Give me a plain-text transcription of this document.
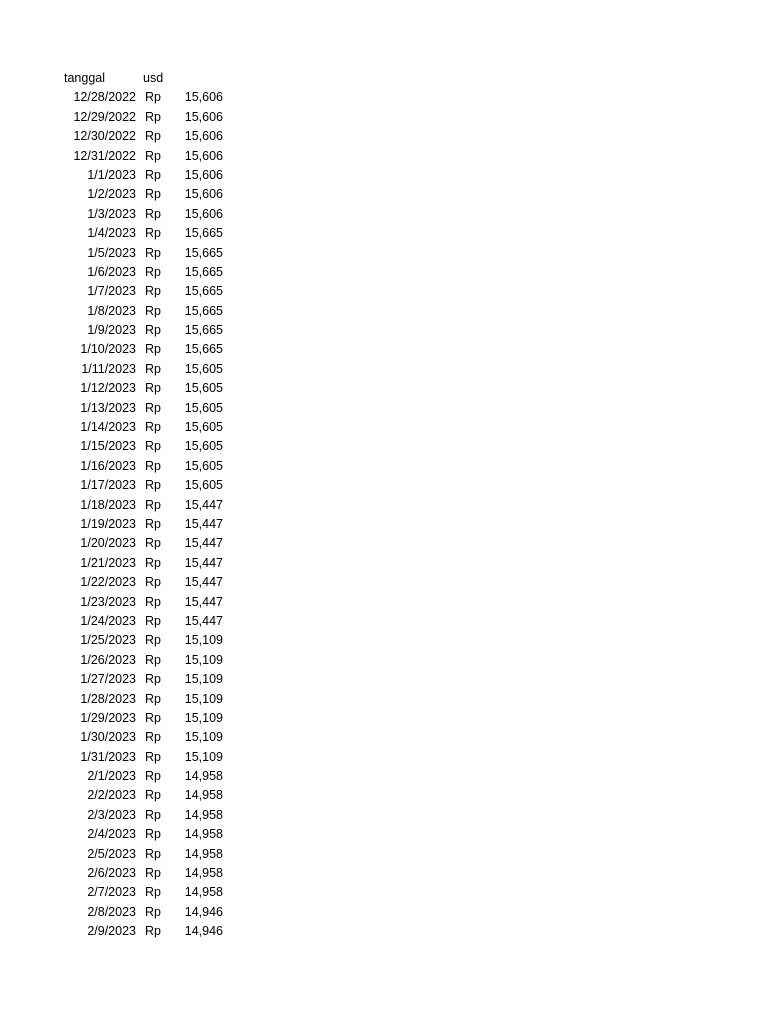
tanggal	usd
12/28/2022 Rp 15,606
12/29/2022 Rp 15,606
12/30/2022 Rp 15,606
12/31/2022 Rp 15,606
1/1/2023 Rp 15,606
1/2/2023 Rp 15,606
1/3/2023 Rp 15,606
1/4/2023 Rp 15,665
1/5/2023 Rp 15,665
1/6/2023 Rp 15,665
1/7/2023 Rp 15,665
1/8/2023 Rp 15,665
1/9/2023 Rp 15,665
1/10/2023 Rp 15,665
1/11/2023 Rp 15,605
1/12/2023 Rp 15,605
1/13/2023 Rp 15,605
1/14/2023 Rp 15,605
1/15/2023 Rp 15,605
1/16/2023 Rp 15,605
1/17/2023 Rp 15,605
1/18/2023 Rp 15,447
1/19/2023 Rp 15,447
1/20/2023 Rp 15,447
1/21/2023 Rp 15,447
1/22/2023 Rp 15,447
1/23/2023 Rp 15,447
1/24/2023 Rp 15,447
1/25/2023 Rp 15,109
1/26/2023 Rp 15,109
1/27/2023 Rp 15,109
1/28/2023 Rp 15,109
1/29/2023 Rp 15,109
1/30/2023 Rp 15,109
1/31/2023 Rp 15,109
2/1/2023 Rp 14,958
2/2/2023 Rp 14,958
2/3/2023 Rp 14,958
2/4/2023 Rp 14,958
2/5/2023 Rp 14,958
2/6/2023 Rp 14,958
2/7/2023 Rp 14,958
2/8/2023 Rp 14,946
2/9/2023 Rp 14,946
